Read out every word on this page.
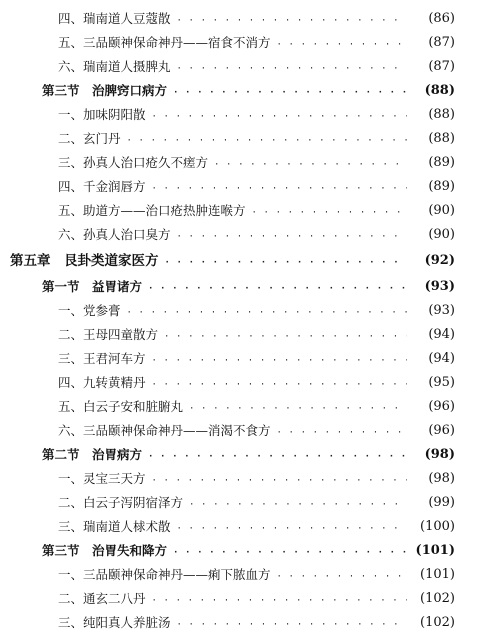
四、瑞南道人豆蔻散 · · ·	(86)
五、三品颐神保命神丹——宿食不消方 · · ·	(87)
六、瑞南道人摄脾丸 · · ·	(87)
第三节　治脾窍口病方 · · ·	(88)
一、加味阴阳散 · · ·	(88)
二、玄门丹 · · ·	(88)
三、孙真人治口疮久不瘥方 · · ·	(89)
四、千金润唇方 · · ·	(89)
五、助道方——治口疮热肿连喉方 · · ·	(90)
六、孙真人治口臭方 · · ·	(90)
第五章　艮卦类道家医方 · · ·	(92)
第一节　益胃诸方 · · ·	(93)
一、党参膏 · · ·	(93)
二、王母四童散方 · · ·	(94)
三、王君河车方 · · ·	(94)
四、九转黄精丹 · · ·	(95)
五、白云子安和脏腑丸 · · ·	(96)
六、三品颐神保命神丹——消渴不食方 · · ·	(96)
第二节　治胃病方 · · ·	(98)
一、灵宝三天方 · · ·	(98)
二、白云子泻阴宿泽方 · · ·	(99)
三、瑞南道人梂术散 · · ·	(100)
第三节　治胃失和降方 · · ·	(101)
一、三品颐神保命神丹——痢下脓血方 · · ·	(101)
二、通玄二八丹 · · ·	(102)
三、纯阳真人养脏汤 · · ·	(102)
